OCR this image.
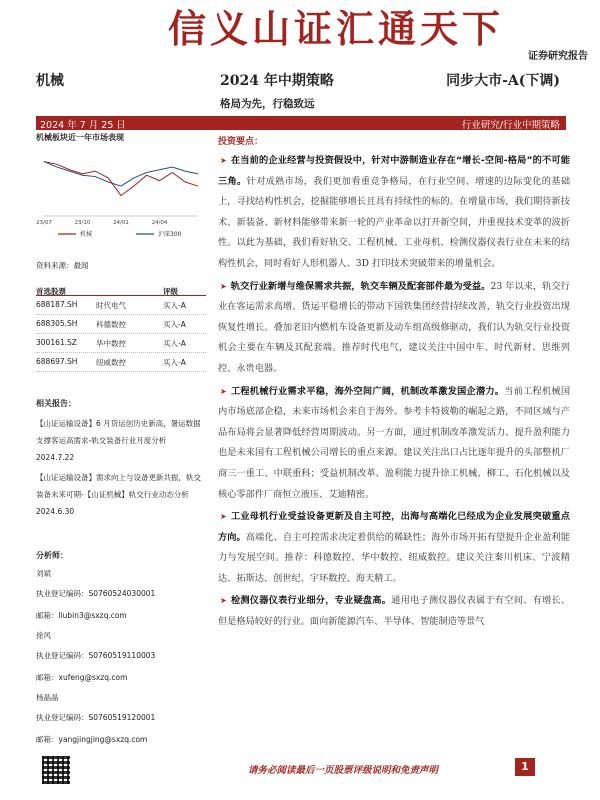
信义山证汇通天下
证券研究报告
机械	2024 年中期策略	同步大市-A(下调)
格局为先，行稳致远
2024 年 7 月 25 日	行业研究/行业中期策略
机械板块近一年市场表现
23/07	23/10	24/01	24/04
机械	沪深300
资料来源：最闻
首选股票	评级
688187.SH 时代电气	买入-A
688305.SH 科德数控	买入-A
300161.SZ	华中数控	买入-A
688697.SH 纽威数控	买入-A
相关报告：
【山证运输设备】6 月货运创历史新高，暑运数据支撑客运高需求-轨交装备行业月度分析 2024.7.22
【山证运输设备】需求向上与设备更新共振，轨交装备未来可期-【山证机械】轨交行业动态分析 2024.6.30
分析师：
刘斌
执业登记编码：S0760524030001
邮箱：liubin3@sxzq.com
徐风
执业登记编码：S0760519110003
邮箱：xufeng@sxzq.com
杨晶晶
执业登记编码：S0760519120001
邮箱：yangjingjing@sxzq.com
投资要点：

➤ 在当前的企业经营与投资假设中，针对中游制造业存在“增长-空间-格局”的不可能三角。针对成熟市场，我们更加看重竞争格局，在行业空间、增速的边际变化的基础上，寻找结构性机会，挖掘能够增长且具有持续性的标的。在增量市场，我们期待新技术、新装备、新材料能够带来新一轮的产业革命以打开新空间，并重视技术变革的波折性。以此为基础，我们看好轨交、工程机械、工业母机、检测仪器仪表行业在未来的结构性机会，同时看好人形机器人、3D 打印技术突破带来的增量机会。

➤ 轨交行业新增与维保需求共振，轨交车辆及配套部件最为受益。23 年以来，轨交行业在客运需求高增、货运平稳增长的带动下国铁集团经营持续改善，轨交行业投资出现恢复性增长。叠加老旧内燃机车设备更新及动车组高级修驱动，我们认为轨交行业投资机会主要在车辆及其配套端。推荐时代电气，建议关注中国中车、时代新材、思维列控、永贵电器。

➤ 工程机械行业需求平稳，海外空间广阔，机制改革激发国企潜力。当前工程机械国内市场底部企稳，未来市场机会来自于海外。参考卡特彼勒的崛起之路，不同区域与产品布局将会显著降低经营周期波动。另一方面，通过机制改革激发活力、提升盈利能力也是未来国有工程机械公司增长的重点来源。建议关注出口占比逐年提升的头部整机厂商三一重工、中联重科；受益机制改革、盈利能力提升徐工机械、柳工、石化机械以及核心零部件厂商恒立液压、艾迪精密。

➤ 工业母机行业受益设备更新及自主可控，出海与高端化已经成为企业发展突破重点方向。高端化、自主可控需求决定着供给的稀缺性；海外市场开拓有望提升企业盈利能力与发展空间。推荐：科德数控、华中数控、纽威数控。建议关注秦川机床、宁波精达、拓斯达、创世纪、宇环数控、海天精工。

➤ 检测仪器仪表行业细分，专业疑盘高。通用电子测仪器仪表属于有空间、有增长、但是格局较好的行业。面向新能源汽车、半导体、智能制造等景气

请务必阅读最后一页股票评级说明和免责声明	1
